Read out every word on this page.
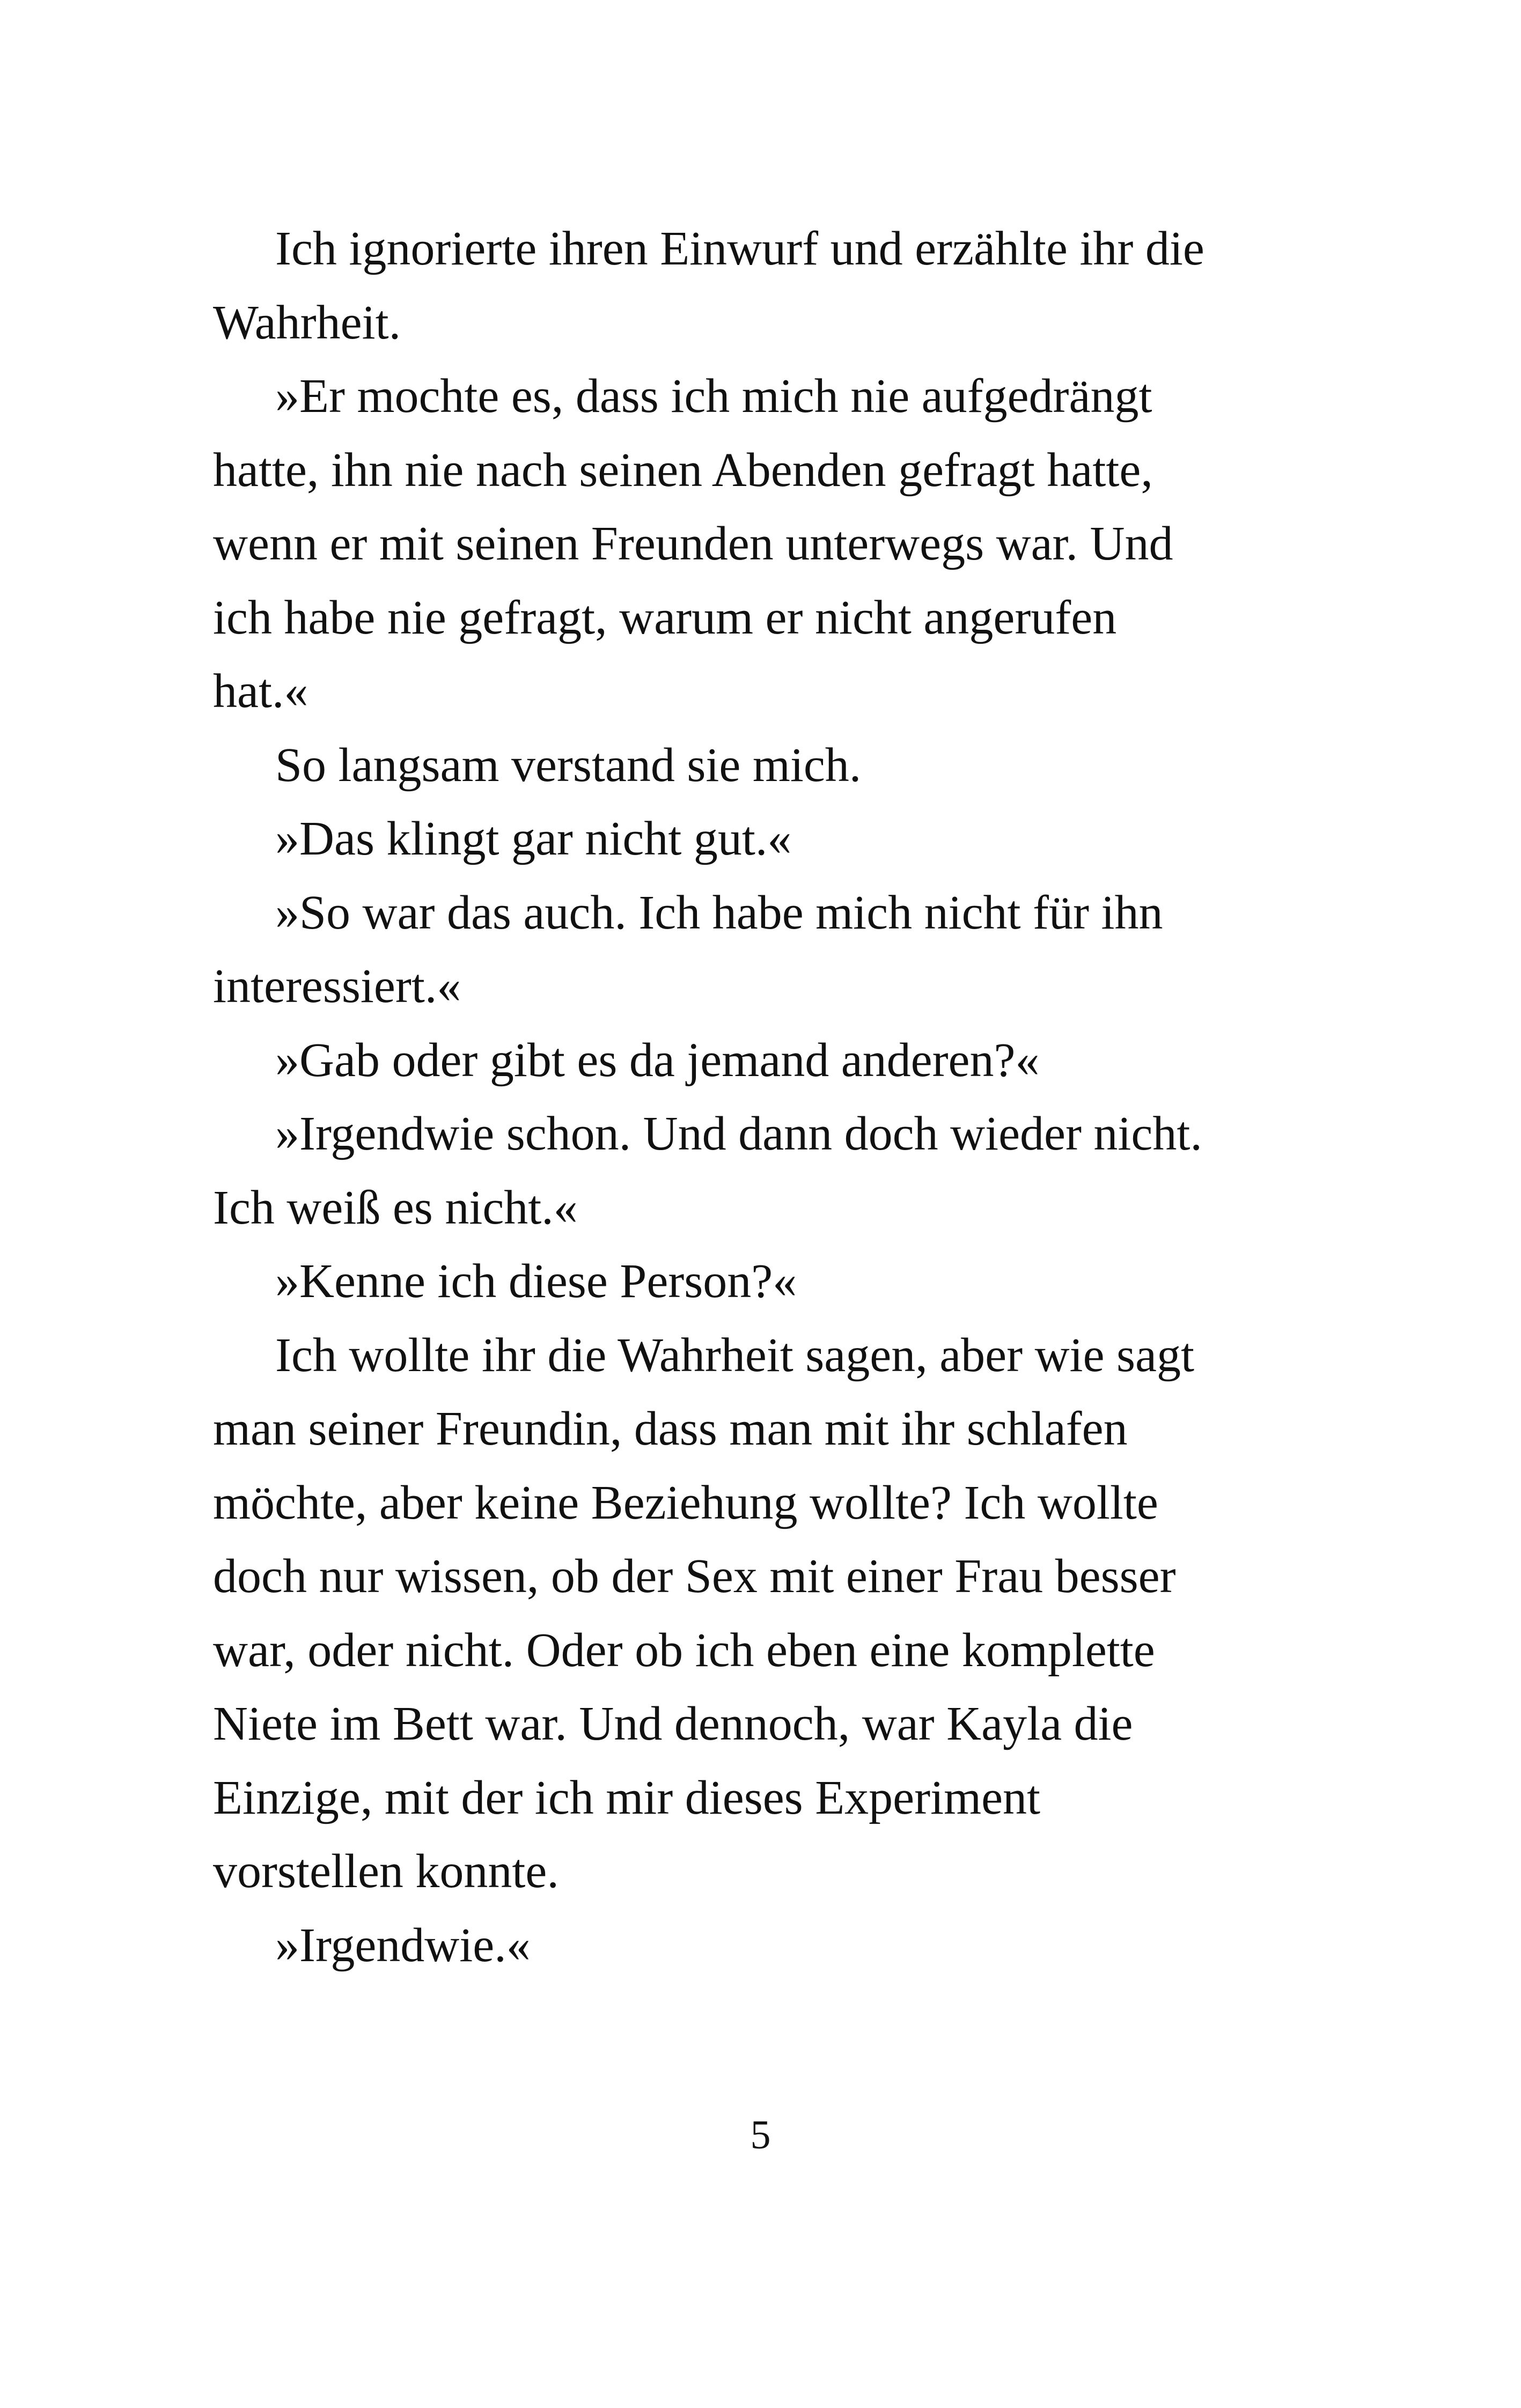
Ich ignorierte ihren Einwurf und erzählte ihr die
Wahrheit.
»Er mochte es, dass ich mich nie aufgedrängt
hatte, ihn nie nach seinen Abenden gefragt hatte,
wenn er mit seinen Freunden unterwegs war. Und
ich habe nie gefragt, warum er nicht angerufen
hat.«
So langsam verstand sie mich.
»Das klingt gar nicht gut.«
»So war das auch. Ich habe mich nicht für ihn
interessiert.«
»Gab oder gibt es da jemand anderen?«
»Irgendwie schon. Und dann doch wieder nicht.
Ich weiß es nicht.«
»Kenne ich diese Person?«
Ich wollte ihr die Wahrheit sagen, aber wie sagt
man seiner Freundin, dass man mit ihr schlafen
möchte, aber keine Beziehung wollte? Ich wollte
doch nur wissen, ob der Sex mit einer Frau besser
war, oder nicht. Oder ob ich eben eine komplette
Niete im Bett war. Und dennoch, war Kayla die
Einzige, mit der ich mir dieses Experiment
vorstellen konnte.
»Irgendwie.«
5
